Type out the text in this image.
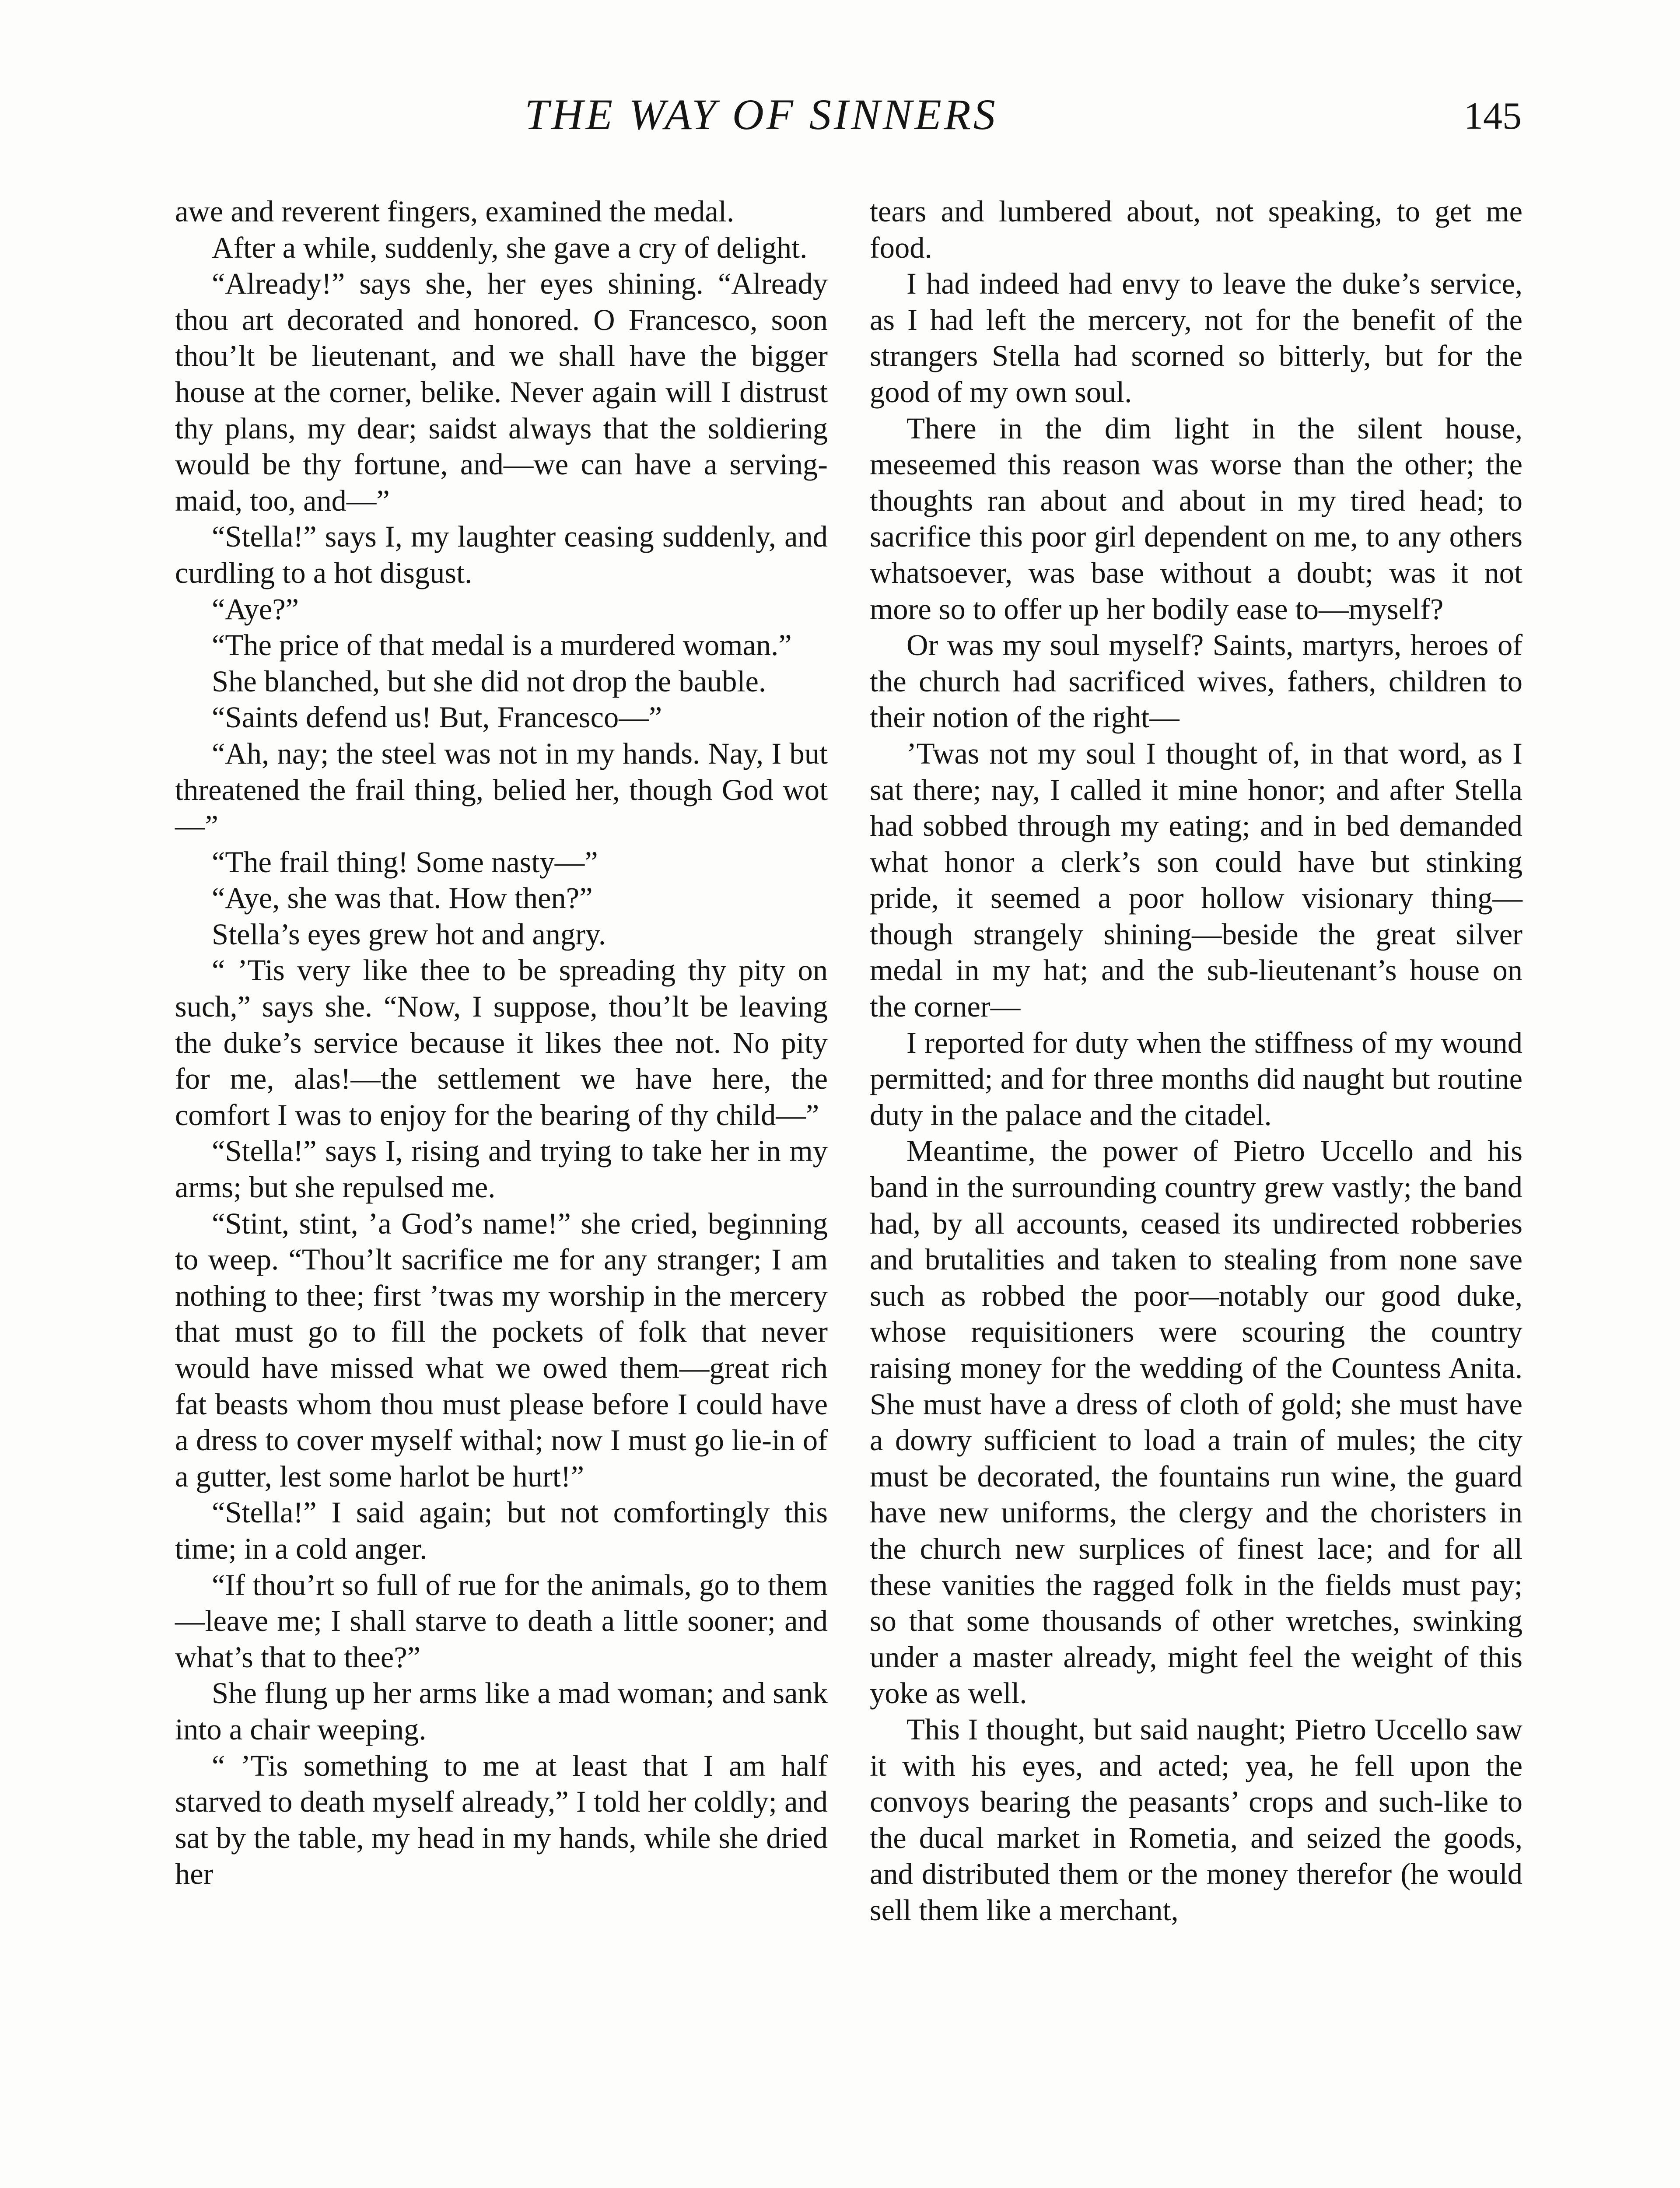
THE WAY OF SINNERS	145

awe and reverent fingers, examined the medal.

After a while, suddenly, she gave a cry of delight.

“Already!” says she, her eyes shining. “Already thou art decorated and honored. O Francesco, soon thou’lt be lieutenant, and we shall have the bigger house at the corner, belike. Never again will I distrust thy plans, my dear; saidst always that the soldiering would be thy fortune, and—we can have a serving-maid, too, and—”

“Stella!” says I, my laughter ceasing suddenly, and curdling to a hot disgust.

“Aye?”

“The price of that medal is a murdered woman.”

She blanched, but she did not drop the bauble.

“Saints defend us! But, Francesco—”

“Ah, nay; the steel was not in my hands. Nay, I but threatened the frail thing, belied her, though God wot—”

“The frail thing! Some nasty—”

“Aye, she was that. How then?”

Stella’s eyes grew hot and angry.

“ ’Tis very like thee to be spreading thy pity on such,” says she. “Now, I suppose, thou’lt be leaving the duke’s service because it likes thee not. No pity for me, alas!—the settlement we have here, the comfort I was to enjoy for the bearing of thy child—”

“Stella!” says I, rising and trying to take her in my arms; but she repulsed me.

“Stint, stint, ’a God’s name!” she cried, beginning to weep. “Thou’lt sacrifice me for any stranger; I am nothing to thee; first ’twas my worship in the mercery that must go to fill the pockets of folk that never would have missed what we owed them—great rich fat beasts whom thou must please before I could have a dress to cover myself withal; now I must go lie-in of a gutter, lest some harlot be hurt!”

“Stella!” I said again; but not comfortingly this time; in a cold anger.

“If thou’rt so full of rue for the animals, go to them—leave me; I shall starve to death a little sooner; and what’s that to thee?”

She flung up her arms like a mad woman; and sank into a chair weeping.

“ ’Tis something to me at least that I am half starved to death myself already,” I told her coldly; and sat by the table, my head in my hands, while she dried her

tears and lumbered about, not speaking, to get me food.

I had indeed had envy to leave the duke’s service, as I had left the mercery, not for the benefit of the strangers Stella had scorned so bitterly, but for the good of my own soul.

There in the dim light in the silent house, meseemed this reason was worse than the other; the thoughts ran about and about in my tired head; to sacrifice this poor girl dependent on me, to any others whatsoever, was base without a doubt; was it not more so to offer up her bodily ease to—myself?

Or was my soul myself? Saints, martyrs, heroes of the church had sacrificed wives, fathers, children to their notion of the right—

’Twas not my soul I thought of, in that word, as I sat there; nay, I called it mine honor; and after Stella had sobbed through my eating; and in bed demanded what honor a clerk’s son could have but stinking pride, it seemed a poor hollow visionary thing—though strangely shining—beside the great silver medal in my hat; and the sub-lieutenant’s house on the corner—

I reported for duty when the stiffness of my wound permitted; and for three months did naught but routine duty in the palace and the citadel.

Meantime, the power of Pietro Uccello and his band in the surrounding country grew vastly; the band had, by all accounts, ceased its undirected robberies and brutalities and taken to stealing from none save such as robbed the poor—notably our good duke, whose requisitioners were scouring the country raising money for the wedding of the Countess Anita. She must have a dress of cloth of gold; she must have a dowry sufficient to load a train of mules; the city must be decorated, the fountains run wine, the guard have new uniforms, the clergy and the choristers in the church new surplices of finest lace; and for all these vanities the ragged folk in the fields must pay; so that some thousands of other wretches, swinking under a master already, might feel the weight of this yoke as well.

This I thought, but said naught; Pietro Uccello saw it with his eyes, and acted; yea, he fell upon the convoys bearing the peasants’ crops and such-like to the ducal market in Rometia, and seized the goods, and distributed them or the money therefor (he would sell them like a merchant,
